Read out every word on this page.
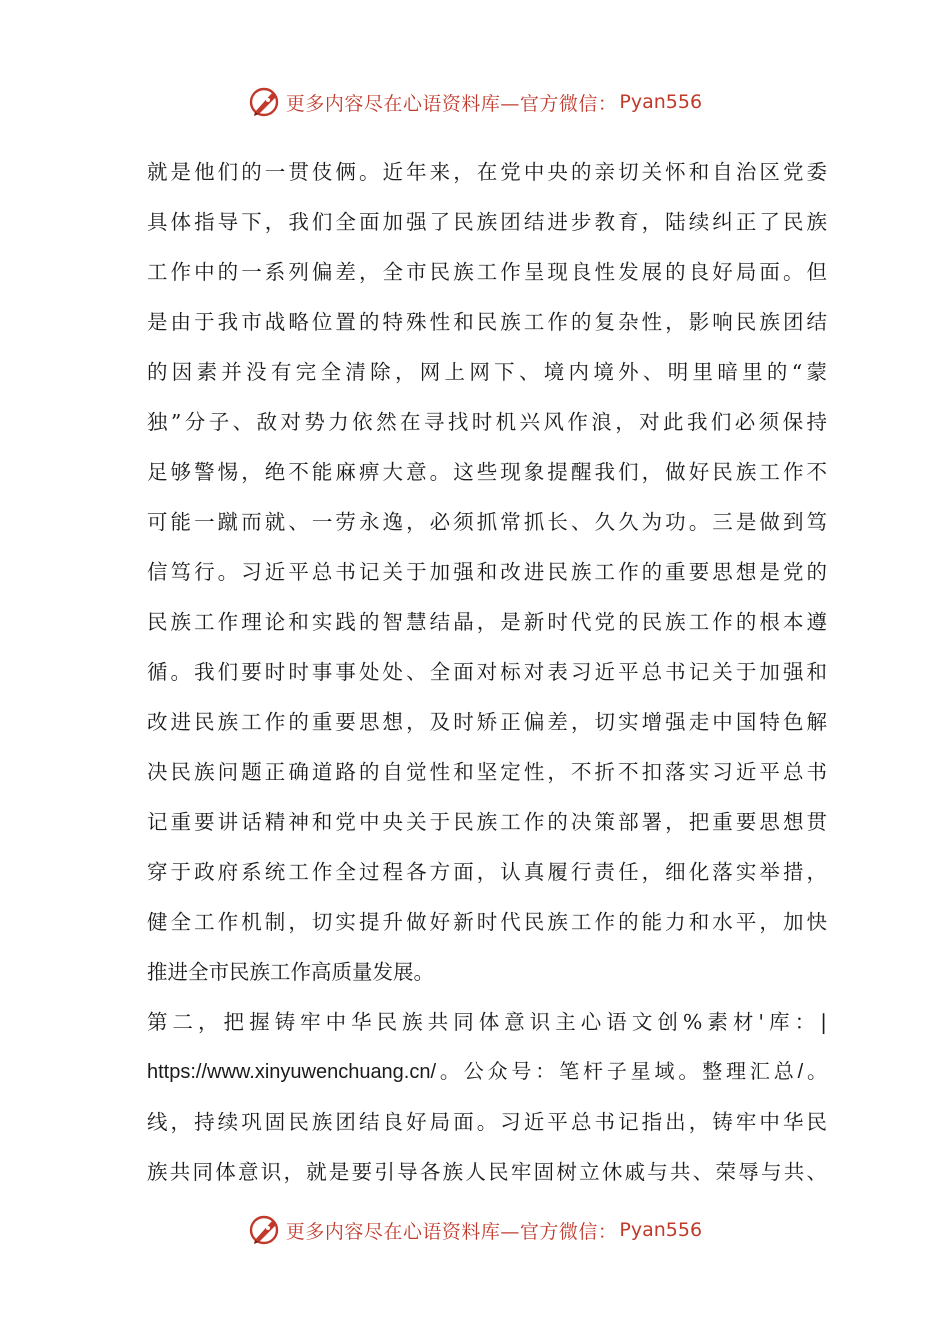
更多内容尽在心语资料库—官方微信： Pyan556
就是他们的一贯伎俩。近年来，在党中央的亲切关怀和自治区党委
具体指导下，我们全面加强了民族团结进步教育，陆续纠正了民族
工作中的一系列偏差，全市民族工作呈现良性发展的良好局面。但
是由于我市战略位置的特殊性和民族工作的复杂性，影响民族团结
的因素并没有完全清除，网上网下、境内境外、明里暗里的“蒙
独”分子、敌对势力依然在寻找时机兴风作浪，对此我们必须保持
足够警惕，绝不能麻痹大意。这些现象提醒我们，做好民族工作不
可能一蹴而就、一劳永逸，必须抓常抓长、久久为功。三是做到笃
信笃行。习近平总书记关于加强和改进民族工作的重要思想是党的
民族工作理论和实践的智慧结晶，是新时代党的民族工作的根本遵
循。我们要时时事事处处、全面对标对表习近平总书记关于加强和
改进民族工作的重要思想，及时矫正偏差，切实增强走中国特色解
决民族问题正确道路的自觉性和坚定性，不折不扣落实习近平总书
记重要讲话精神和党中央关于民族工作的决策部署，把重要思想贯
穿于政府系统工作全过程各方面，认真履行责任，细化落实举措，
健全工作机制，切实提升做好新时代民族工作的能力和水平，加快
推进全市民族工作高质量发展。
第二，把握铸牢中华民族共同体意识主心语文创%素材'库：|
https://www.xinyuwenchuang.cn/。公众号：笔杆子星域。整理汇总/。
线，持续巩固民族团结良好局面。习近平总书记指出，铸牢中华民
族共同体意识，就是要引导各族人民牢固树立休戚与共、荣辱与共、
更多内容尽在心语资料库—官方微信： Pyan556
